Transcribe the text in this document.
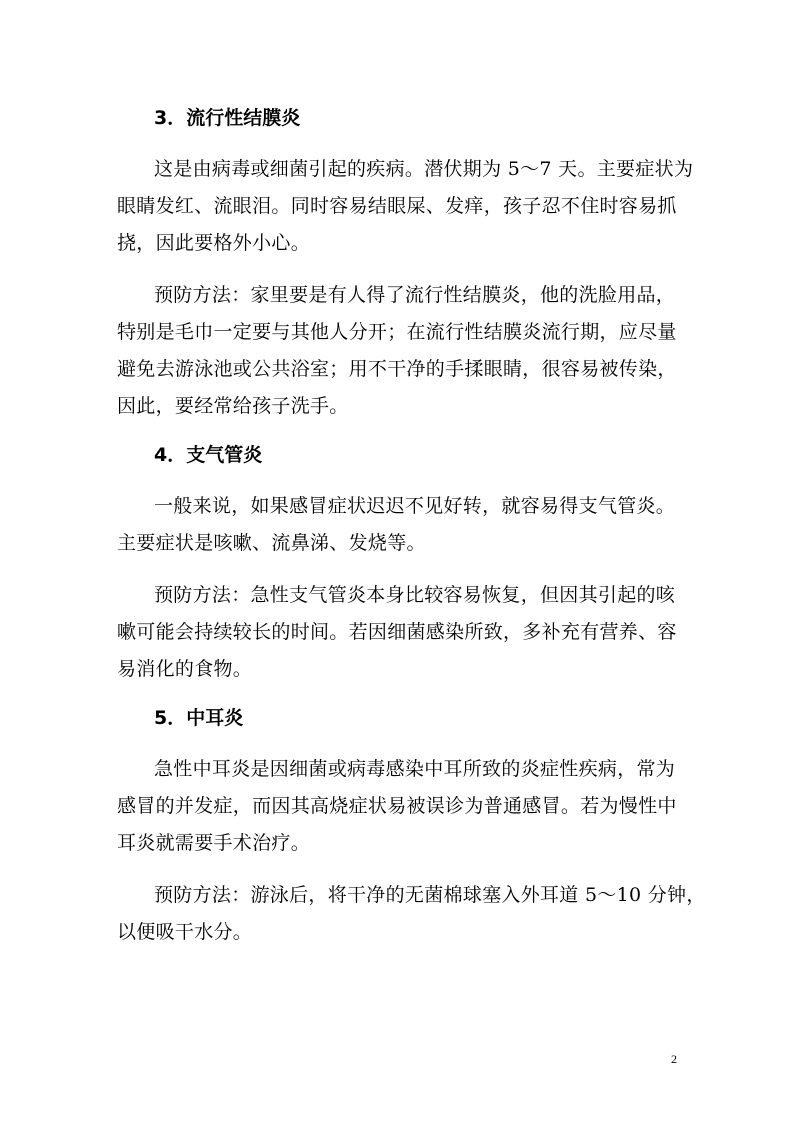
3．流行性结膜炎

这是由病毒或细菌引起的疾病。潜伏期为 5～7 天。主要症状为
眼睛发红、流眼泪。同时容易结眼屎、发痒，孩子忍不住时容易抓
挠，因此要格外小心。

预防方法：家里要是有人得了流行性结膜炎，他的洗脸用品，
特别是毛巾一定要与其他人分开；在流行性结膜炎流行期，应尽量
避免去游泳池或公共浴室；用不干净的手揉眼睛，很容易被传染，
因此，要经常给孩子洗手。

4．支气管炎

一般来说，如果感冒症状迟迟不见好转，就容易得支气管炎。
主要症状是咳嗽、流鼻涕、发烧等。

预防方法：急性支气管炎本身比较容易恢复，但因其引起的咳
嗽可能会持续较长的时间。若因细菌感染所致，多补充有营养、容
易消化的食物。

5．中耳炎

急性中耳炎是因细菌或病毒感染中耳所致的炎症性疾病，常为
感冒的并发症，而因其高烧症状易被误诊为普通感冒。若为慢性中
耳炎就需要手术治疗。

预防方法：游泳后，将干净的无菌棉球塞入外耳道 5～10 分钟，
以便吸干水分。

2
